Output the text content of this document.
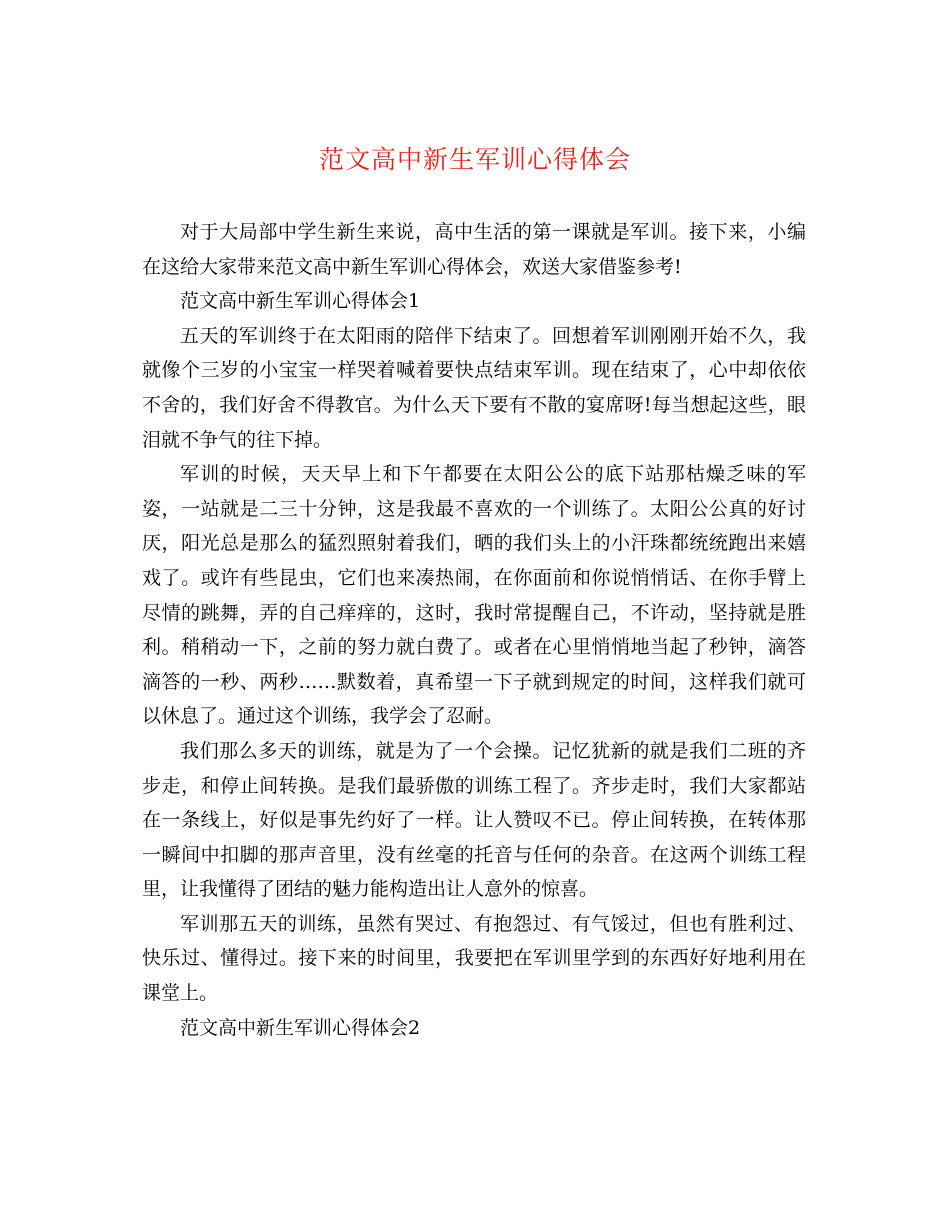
范文高中新生军训心得体会

对于大局部中学生新生来说，高中生活的第一课就是军训。接下来，小编在这给大家带来范文高中新生军训心得体会，欢送大家借鉴参考!

范文高中新生军训心得体会1

五天的军训终于在太阳雨的陪伴下结束了。回想着军训刚刚开始不久，我就像个三岁的小宝宝一样哭着喊着要快点结束军训。现在结束了，心中却依依不舍的，我们好舍不得教官。为什么天下要有不散的宴席呀!每当想起这些，眼泪就不争气的往下掉。

军训的时候，天天早上和下午都要在太阳公公的底下站那枯燥乏味的军姿，一站就是二三十分钟，这是我最不喜欢的一个训练了。太阳公公真的好讨厌，阳光总是那么的猛烈照射着我们，晒的我们头上的小汗珠都统统跑出来嬉戏了。或许有些昆虫，它们也来凑热闹，在你面前和你说悄悄话、在你手臂上尽情的跳舞，弄的自己痒痒的，这时，我时常提醒自己，不许动，坚持就是胜利。稍稍动一下，之前的努力就白费了。或者在心里悄悄地当起了秒钟，滴答滴答的一秒、两秒……默数着，真希望一下子就到规定的时间，这样我们就可以休息了。通过这个训练，我学会了忍耐。

我们那么多天的训练，就是为了一个会操。记忆犹新的就是我们二班的齐步走，和停止间转换。是我们最骄傲的训练工程了。齐步走时，我们大家都站在一条线上，好似是事先约好了一样。让人赞叹不已。停止间转换，在转体那一瞬间中扣脚的那声音里，没有丝毫的托音与任何的杂音。在这两个训练工程里，让我懂得了团结的魅力能构造出让人意外的惊喜。

军训那五天的训练，虽然有哭过、有抱怨过、有气馁过，但也有胜利过、快乐过、懂得过。接下来的时间里，我要把在军训里学到的东西好好地利用在课堂上。

范文高中新生军训心得体会2
